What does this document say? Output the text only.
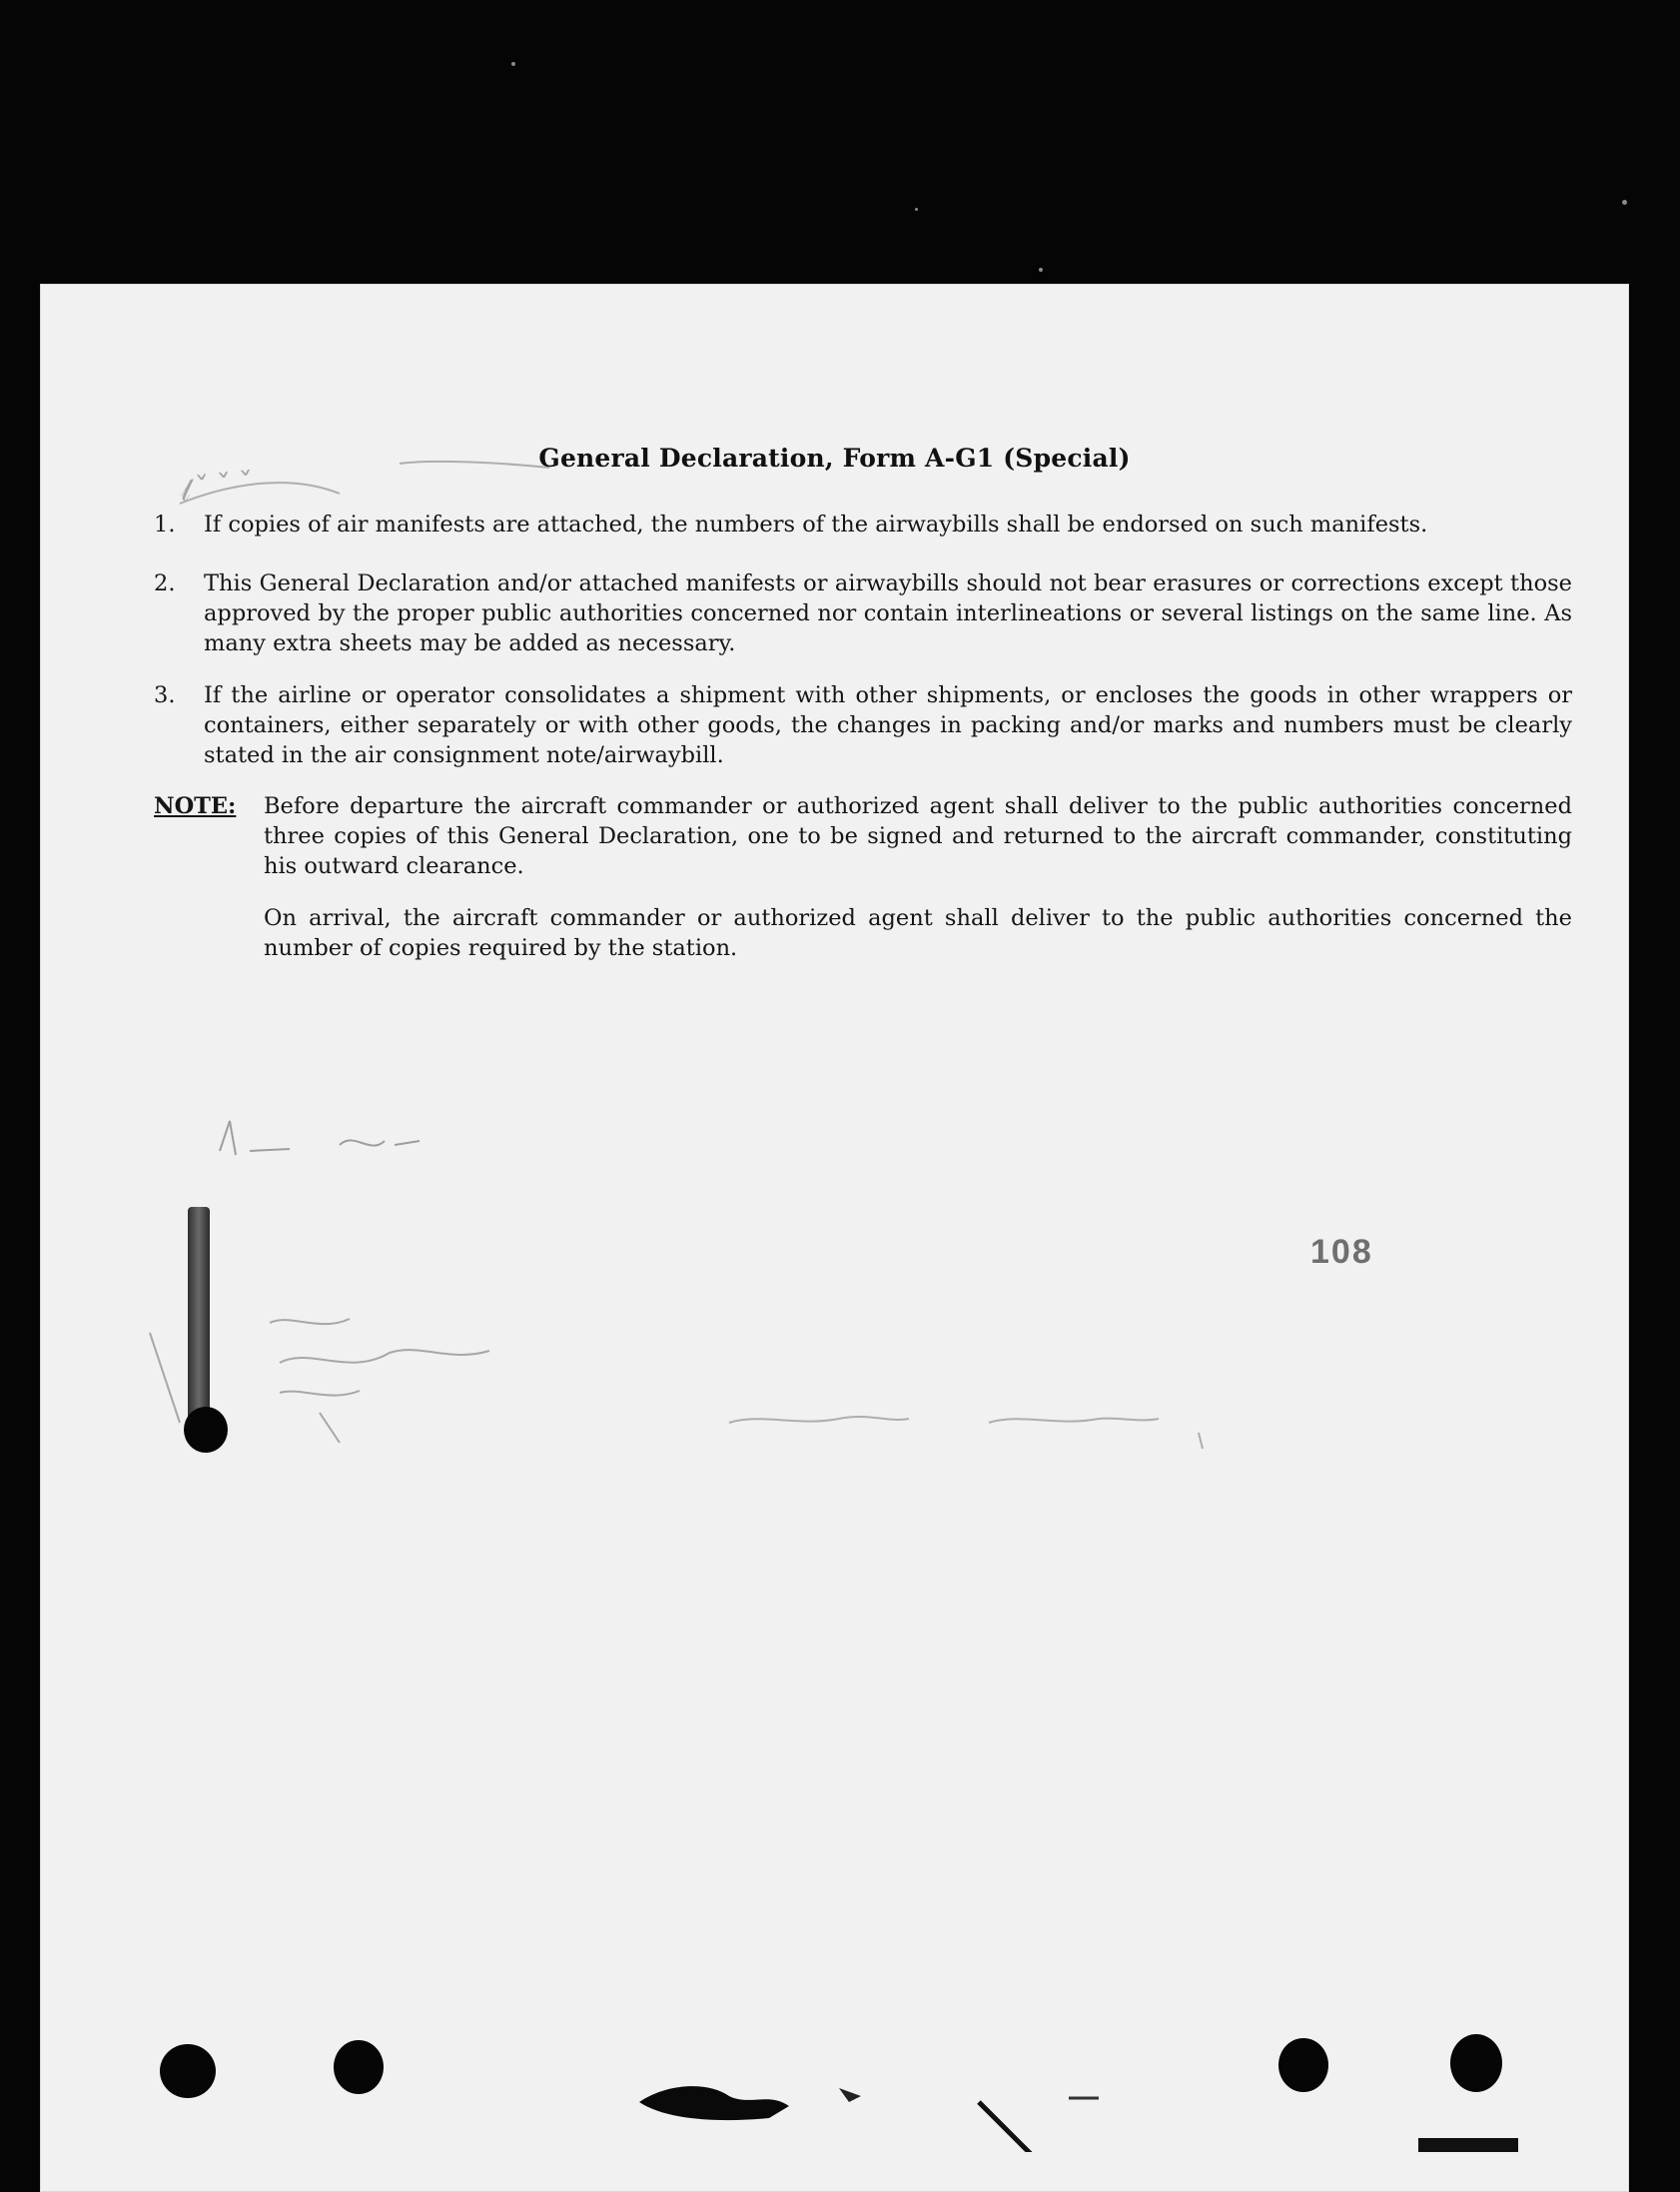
𝓁ˇˇˇ
108
General Declaration, Form A-G1 (Special)
1.	If copies of air manifests are attached, the numbers of the airwaybills shall be endorsed on such manifests.
2.	This General Declaration and/or attached manifests or airwaybills should not bear erasures or corrections except those approved by the proper public authorities concerned nor contain interlineations or several listings on the same line. As many extra sheets may be added as necessary.
3.	If the airline or operator consolidates a shipment with other shipments, or encloses the goods in other wrappers or containers, either separately or with other goods, the changes in packing and/or marks and numbers must be clearly stated in the air consignment note/airwaybill.
NOTE:	Before departure the aircraft commander or authorized agent shall deliver to the public authorities concerned three copies of this General Declaration, one to be signed and returned to the aircraft commander, constituting his outward clearance.
On arrival, the aircraft commander or authorized agent shall deliver to the public authorities concerned the number of copies required by the station.
